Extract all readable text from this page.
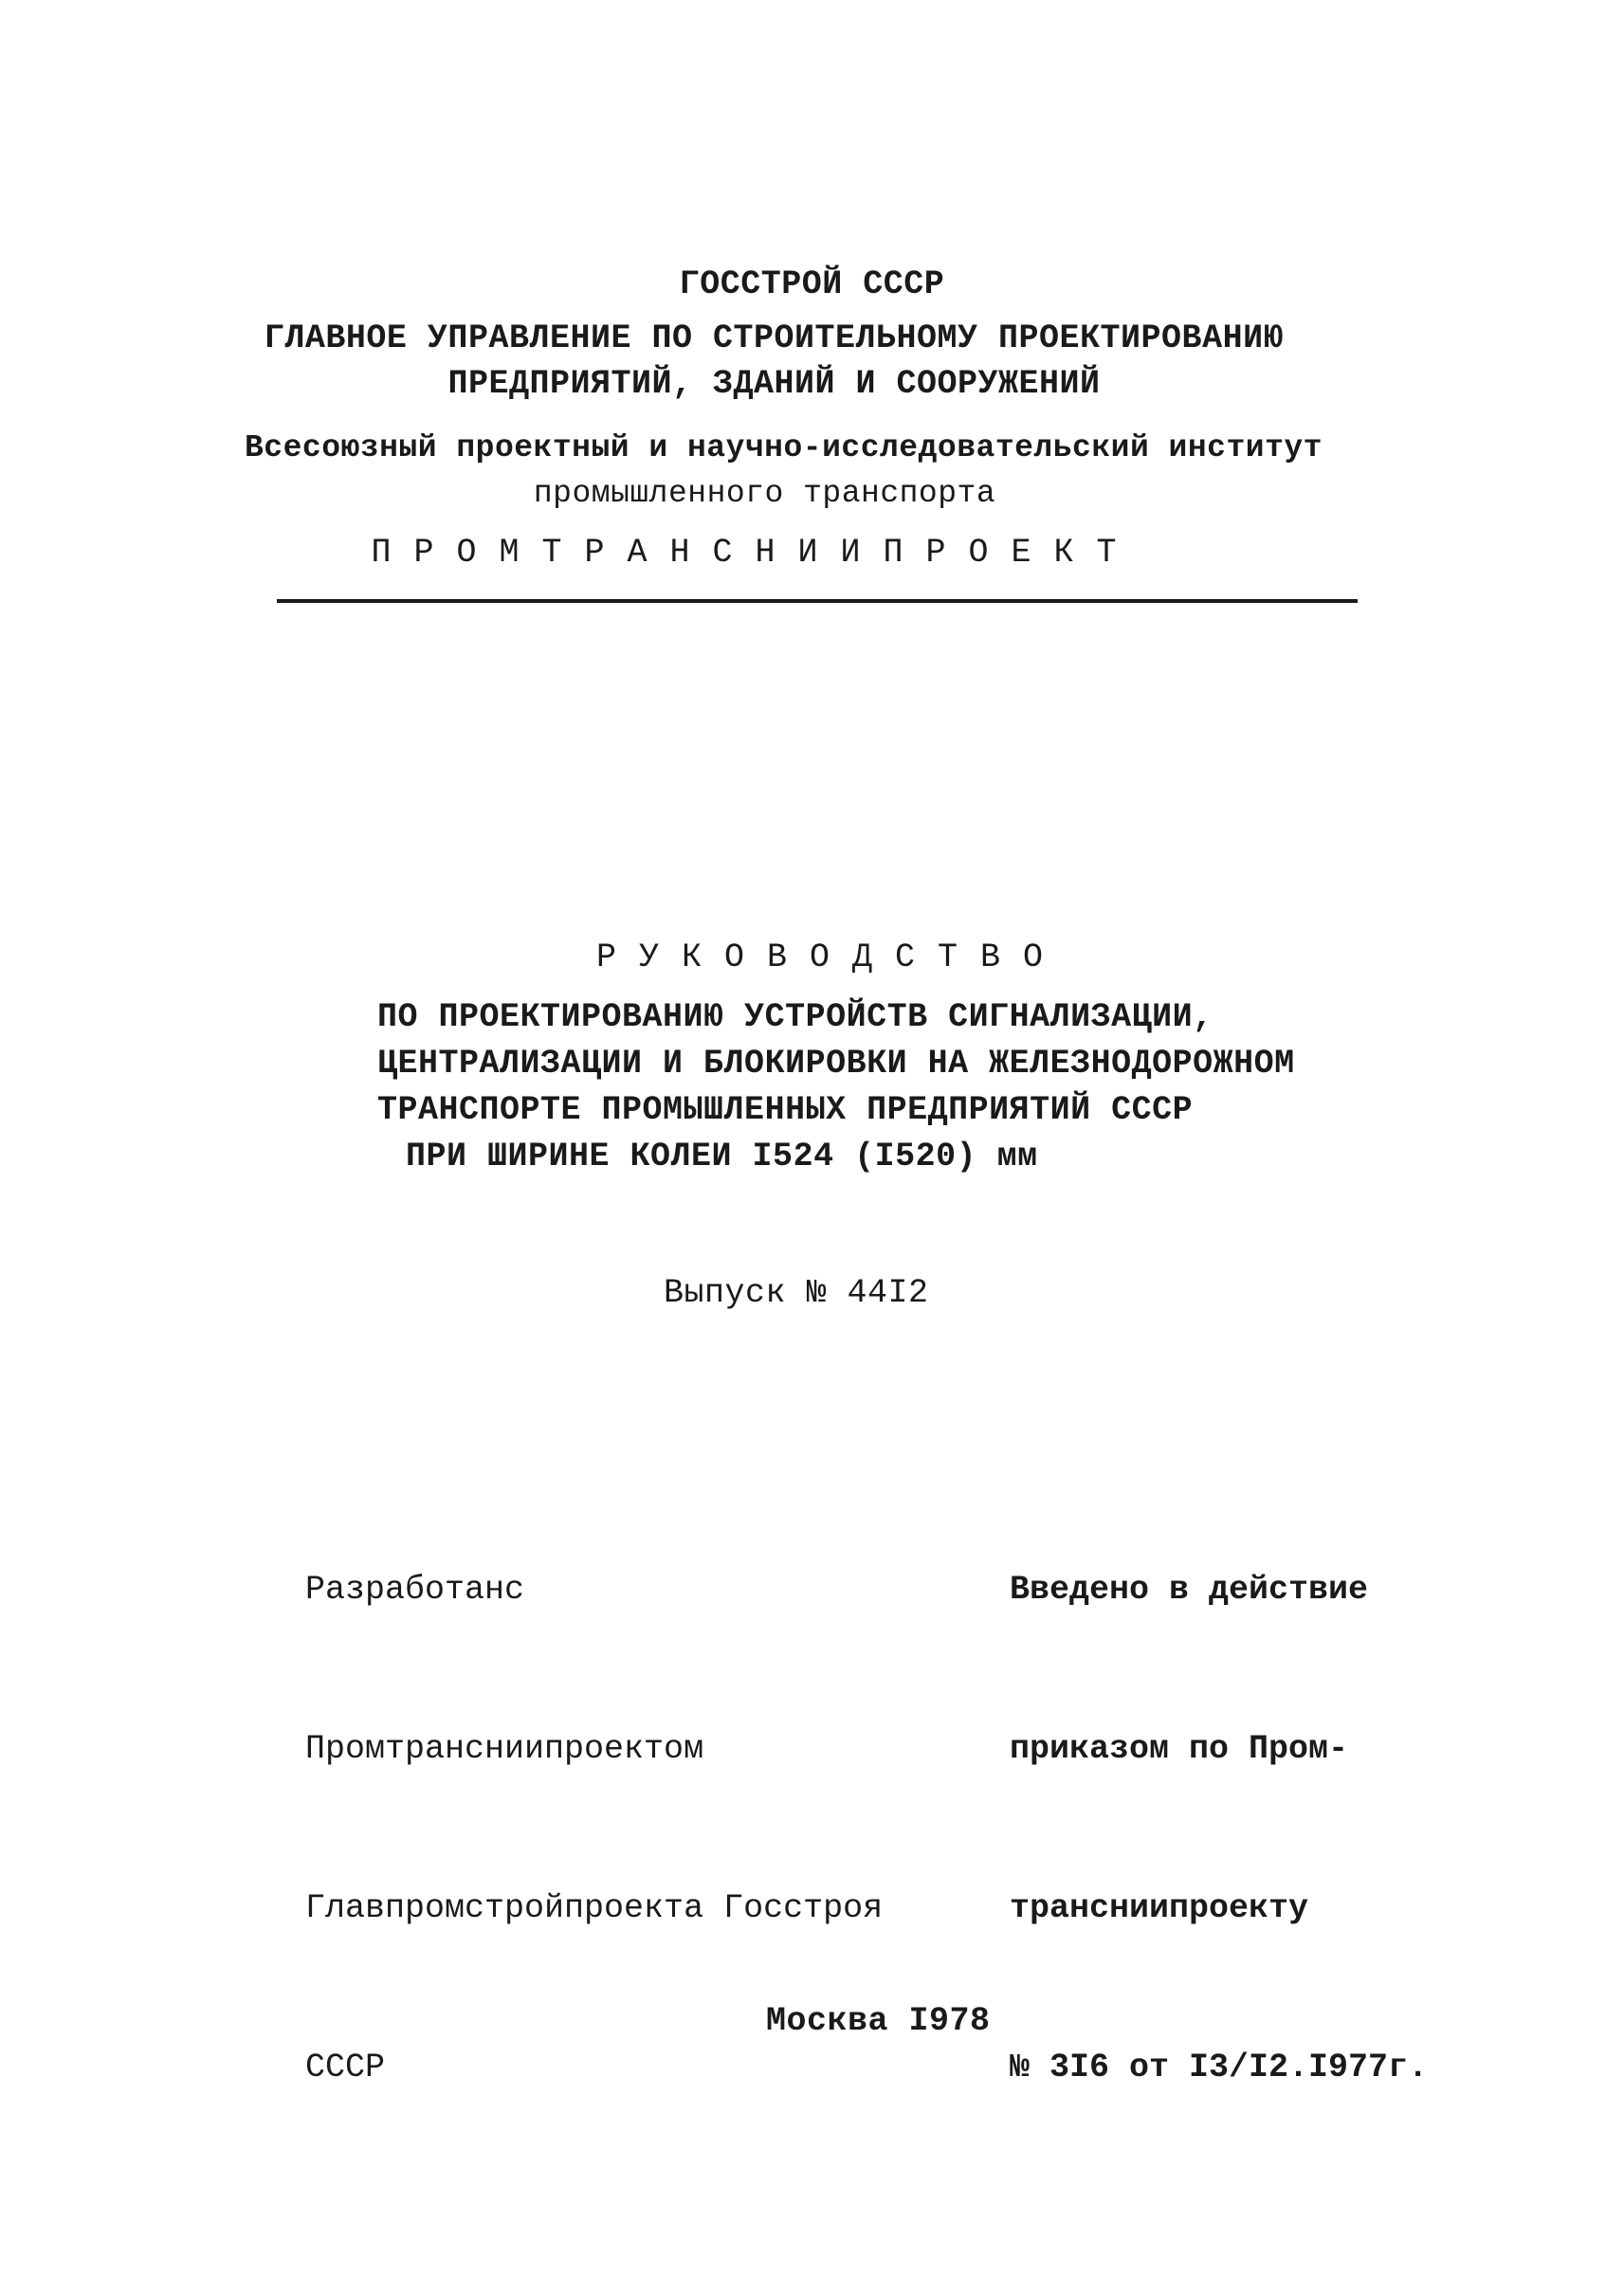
ГОССТРОЙ СССР
ГЛАВНОЕ УПРАВЛЕНИЕ ПО СТРОИТЕЛЬНОМУ ПРОЕКТИРОВАНИЮ
ПРЕДПРИЯТИЙ, ЗДАНИЙ И СООРУЖЕНИЙ
Всесоюзный проектный и научно-исследовательский институт
промышленного транспорта
ПРОМТРАНСНИИПРОЕКТ
РУКОВОДСТВО
ПО ПРОЕКТИРОВАНИЮ УСТРОЙСТВ СИГНАЛИЗАЦИИ,
ЦЕНТРАЛИЗАЦИИ И БЛОКИРОВКИ НА ЖЕЛЕЗНОДОРОЖНОМ
ТРАНСПОРТЕ ПРОМЫШЛЕННЫХ ПРЕДПРИЯТИЙ СССР
ПРИ ШИРИНЕ КОЛЕИ I524 (I520) мм
Выпуск № 44I2

Разработанс

Промтрансниипроектом

Главпромстройпроекта Госстроя

СССР

Введено в действие

приказом по Пром-

трансниипроекту

№ 3I6 от I3/I2.I977г.

Москва I978
